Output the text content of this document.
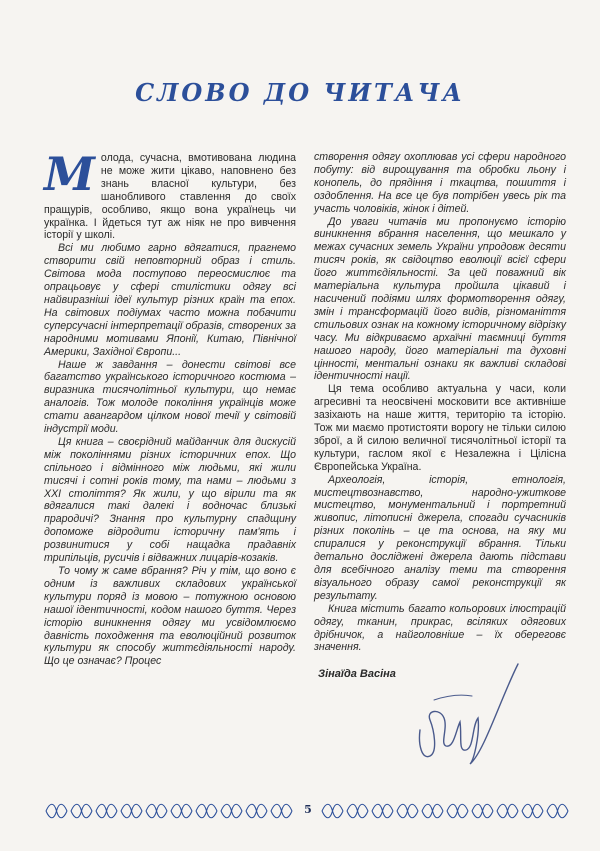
СЛОВО ДО ЧИТАЧА

Молода, сучасна, вмотивована людина не може жити цікаво, наповнено без знань власної культури, без шанобливого ставлення до своїх пращурів, особливо, якщо вона українець чи українка. І йдеться тут аж ніяк не про вивчення історії у школі.

Всі ми любимо гарно вдягатися, прагнемо створити свій неповторний образ і стиль. Світова мода поступово переосмислює та опрацьовує у сфері стилістики одягу всі найвиразніші ідеї культур різних країн та епох. На світових подіумах часто можна побачити суперсучасні інтерпретації образів, створених за народними мотивами Японії, Китаю, Північної Америки, Західної Європи...

Наше ж завдання – донести світові все багатство українського історичного костюма – виразника тисячолітньої культури, що немає аналогів. Тож молоде покоління українців може стати авангардом цілком нової течії у світовій індустрії моди.

Ця книга – своєрідний майданчик для дискусій між поколіннями різних історичних епох. Що спільного і відмінного між людьми, які жили тисячі і сотні років тому, та нами – людьми з XXI століття? Як жили, у що вірили та як вдягалися такі далекі і водночас близькі прародичі? Знання про культурну спадщину допоможе відродити історичну пам'ять і розвинитися у собі нащадка прадавніх трипільців, русичів і відважних лицарів-козаків.

То чому ж саме вбрання? Річ у тім, що воно є одним із важливих складових української культури поряд із мовою – потужною основою нашої ідентичності, кодом нашого буття. Через історію виникнення одягу ми усвідомлюємо давність походження та еволюційний розвиток культури як способу життєдіяльності народу. Що це означає? Процес

створення одягу охоплював усі сфери народного побуту: від вирощування та обробки льону і конопель, до прядіння і ткацтва, пошиття і оздоблення. На все це був потрібен увесь рік та участь чоловіків, жінок і дітей.

До уваги читачів ми пропонуємо історію виникнення вбрання населення, що мешкало у межах сучасних земель України упродовж десяти тисяч років, як свідоцтво еволюції всієї сфери його життєдіяльності. За цей поважний вік матеріальна культура пройшла цікавий і насичений подіями шлях формотворення одягу, змін і трансформацій його видів, різноманіття стильових ознак на кожному історичному відрізку часу. Ми відкриваємо архаїчні таємниці буття нашого народу, його матеріальні та духовні цінності, ментальні ознаки як важливі складові ідентичності нації.

Ця тема особливо актуальна у часи, коли агресивні та неосвічені московити все активніше зазіхають на наше життя, територію та історію. Тож ми маємо протистояти ворогу не тільки силою зброї, а й силою величної тисячолітньої історії та культури, гаслом якої є Незалежна і Цілісна Європейська Україна.

Археологія, історія, етнологія, мистецтвознавство, народно-ужиткове мистецтво, монументальний і портретний живопис, літописні джерела, спогади сучасників різних поколінь – це та основа, на яку ми спиралися у реконструкції вбрання. Тільки детально досліджені джерела дають підстави для всебічного аналізу теми та створення візуального образу самої реконструкції як результату.

Книга містить багато кольорових ілюстрацій одягу, тканин, прикрас, всіляких одягових дрібничок, а найголовніше – їх обереговє значення.

Зінаїда Васіна
5
